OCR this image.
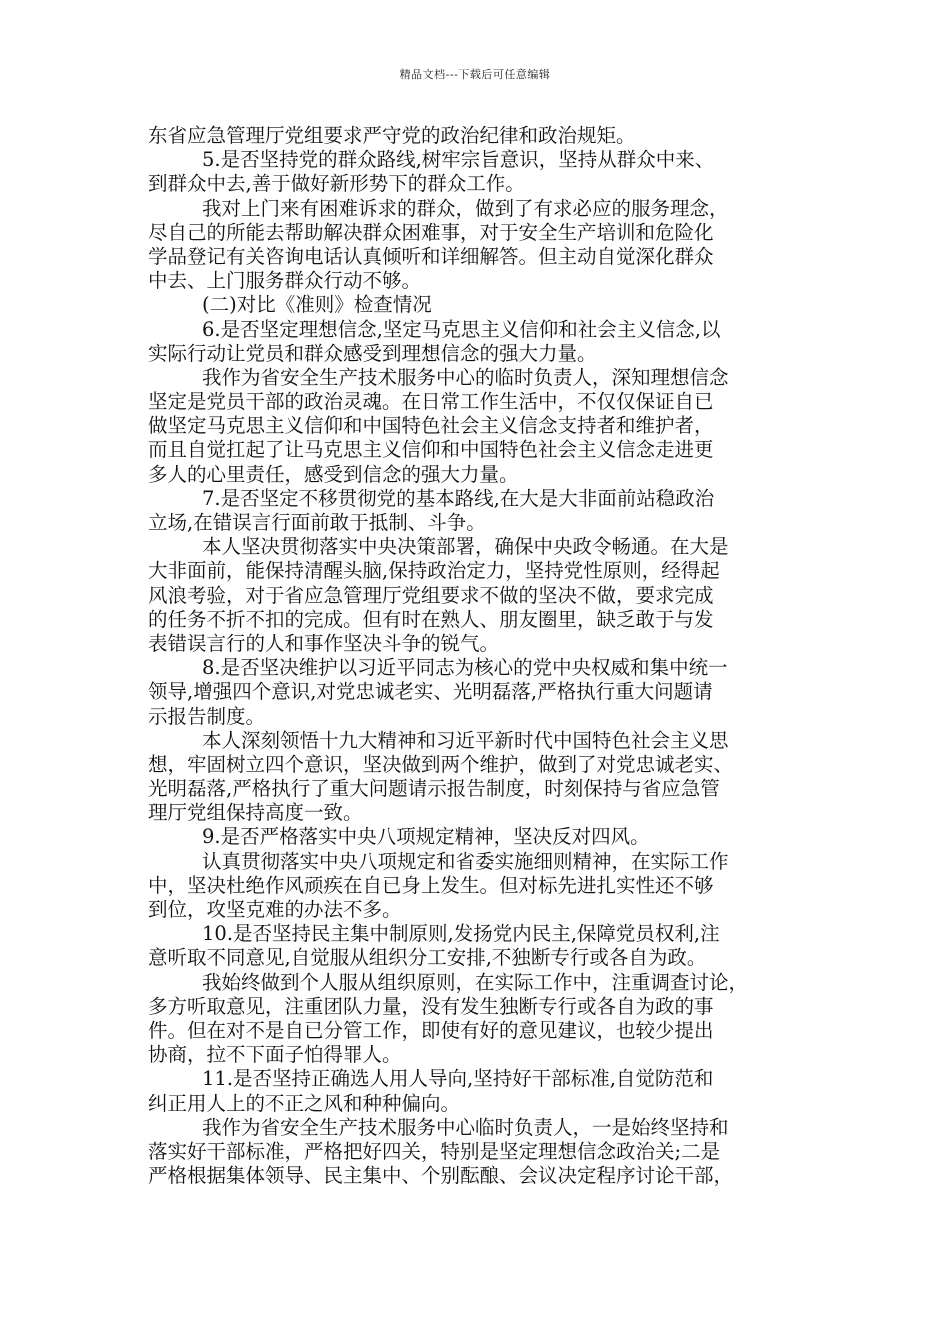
精品文档---下载后可任意编辑
东省应急管理厅党组要求严守党的政治纪律和政治规矩。
5.是否坚持党的群众路线,树牢宗旨意识，坚持从群众中来、
到群众中去,善于做好新形势下的群众工作。
我对上门来有困难诉求的群众，做到了有求必应的服务理念，
尽自己的所能去帮助解决群众困难事，对于安全生产培训和危险化
学品登记有关咨询电话认真倾听和详细解答。但主动自觉深化群众
中去、上门服务群众行动不够。
(二)对比《准则》检查情况
6.是否坚定理想信念,坚定马克思主义信仰和社会主义信念,以
实际行动让党员和群众感受到理想信念的强大力量。
我作为省安全生产技术服务中心的临时负责人，深知理想信念
坚定是党员干部的政治灵魂。在日常工作生活中，不仅仅保证自已
做坚定马克思主义信仰和中国特色社会主义信念支持者和维护者，
而且自觉扛起了让马克思主义信仰和中国特色社会主义信念走进更
多人的心里责任，感受到信念的强大力量。
7.是否坚定不移贯彻党的基本路线,在大是大非面前站稳政治
立场,在错误言行面前敢于抵制、斗争。
本人坚决贯彻落实中央决策部署，确保中央政令畅通。在大是
大非面前，能保持清醒头脑,保持政治定力，坚持党性原则，经得起
风浪考验，对于省应急管理厅党组要求不做的坚决不做，要求完成
的任务不折不扣的完成。但有时在熟人、朋友圈里，缺乏敢于与发
表错误言行的人和事作坚决斗争的锐气。
8.是否坚决维护以习近平同志为核心的党中央权威和集中统一
领导,增强四个意识,对党忠诚老实、光明磊落,严格执行重大问题请
示报告制度。
本人深刻领悟十九大精神和习近平新时代中国特色社会主义思
想，牢固树立四个意识，坚决做到两个维护，做到了对党忠诚老实、
光明磊落,严格执行了重大问题请示报告制度，时刻保持与省应急管
理厅党组保持高度一致。
9.是否严格落实中央八项规定精神，坚决反对四风。
认真贯彻落实中央八项规定和省委实施细则精神，在实际工作
中，坚决杜绝作风顽疾在自已身上发生。但对标先进扎实性还不够
到位，攻坚克难的办法不多。
10.是否坚持民主集中制原则,发扬党内民主,保障党员权利,注
意听取不同意见,自觉服从组织分工安排,不独断专行或各自为政。
我始终做到个人服从组织原则，在实际工作中，注重调查讨论，
多方听取意见，注重团队力量，没有发生独断专行或各自为政的事
件。但在对不是自已分管工作，即使有好的意见建议，也较少提出
协商，拉不下面子怕得罪人。
11.是否坚持正确选人用人导向,坚持好干部标准,自觉防范和
纠正用人上的不正之风和种种偏向。
我作为省安全生产技术服务中心临时负责人，一是始终坚持和
落实好干部标准，严格把好四关，特别是坚定理想信念政治关;二是
严格根据集体领导、民主集中、个别酝酿、会议决定程序讨论干部，
